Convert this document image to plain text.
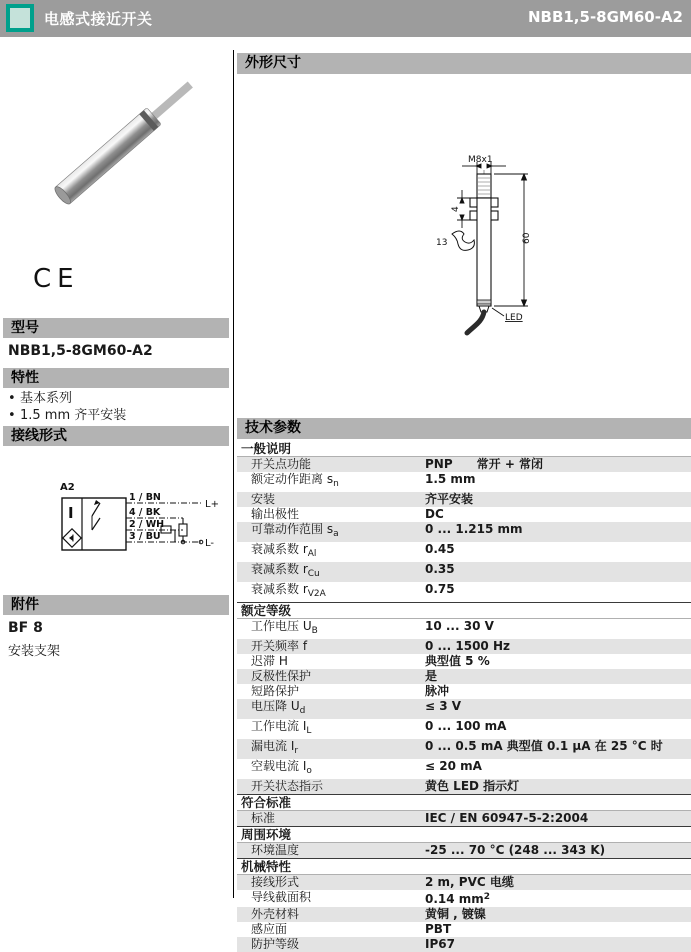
电感式接近开关	NBB1,5-8GM60-A2
CE
型号
NBB1,5-8GM60-A2
特性
• 基本系列
• 1.5 mm 齐平安装
接线形式
A2
I
1 / BN
4 / BK
2 / WH
3 / BU
L+
L-
附件
BF 8
安装支架
外形尺寸
M8x1
4
13	60
LED
技术参数
一般说明
开关点功能	PNP	常开 + 常闭
额定动作距离 $s_n$	1.5 mm
安装	齐平安装
输出极性	DC
可靠动作范围 $s_a$	0 ... 1.215 mm
衰减系数 $r_{Al}$	0.45
衰减系数 $r_{Cu}$	0.35
衰减系数 $r_{V2A}$	0.75
额定等级
工作电压 $U_B$	10 ... 30 V
开关频率 f	0 ... 1500 Hz
迟滞 H	典型值 5 %
反极性保护	是
短路保护	脉冲
电压降 $U_d$	≤ 3 V
工作电流 $I_L$	0 ... 100 mA
漏电流 $I_r$	0 ... 0.5 mA 典型值 0.1 µA 在 25 °C 时
空载电流 $I_o$	≤ 20 mA
开关状态指示	黄色 LED 指示灯
符合标准
标准	IEC / EN 60947-5-2:2004
周围环境
环境温度	-25 ... 70 °C (248 ... 343 K)
机械特性
接线形式	2 m, PVC 电缆
导线截面积	0.14 $mm^2$
外壳材料	黄铜 , 镀镍
感应面	PBT
防护等级	IP67
